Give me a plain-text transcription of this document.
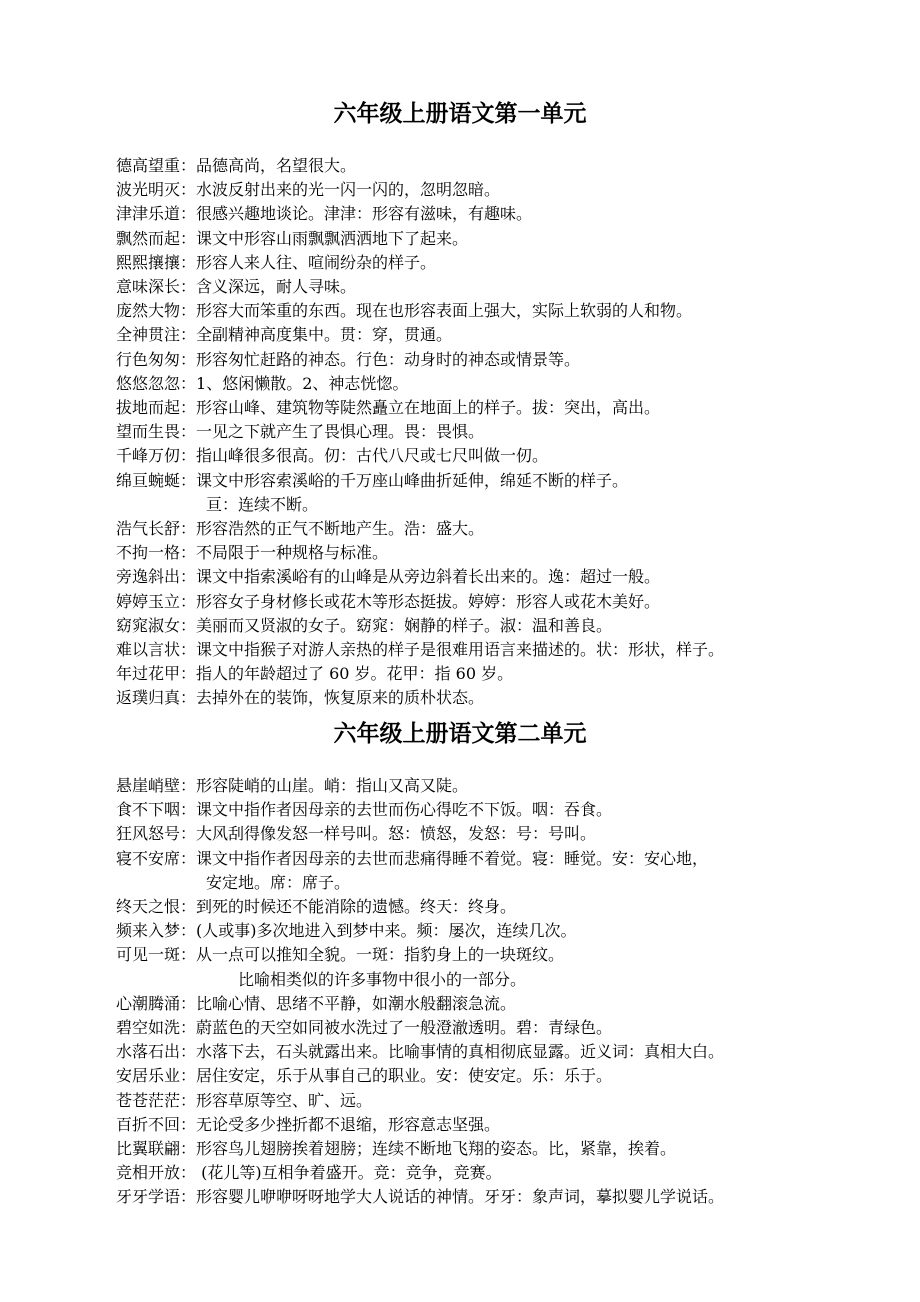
六年级上册语文第一单元
德高望重：品德高尚，名望很大。
波光明灭：水波反射出来的光一闪一闪的，忽明忽暗。
津津乐道：很感兴趣地谈论。津津：形容有滋味，有趣味。
飘然而起：课文中形容山雨飘飘洒洒地下了起来。
熙熙攘攘：形容人来人往、喧闹纷杂的样子。
意味深长：含义深远，耐人寻味。
庞然大物：形容大而笨重的东西。现在也形容表面上强大，实际上软弱的人和物。
全神贯注：全副精神高度集中。贯：穿，贯通。
行色匆匆：形容匆忙赶路的神态。行色：动身时的神态或情景等。
悠悠忽忽：1、悠闲懒散。2、神志恍惚。
拔地而起：形容山峰、建筑物等陡然矗立在地面上的样子。拔：突出，高出。
望而生畏：一见之下就产生了畏惧心理。畏：畏惧。
千峰万仞：指山峰很多很高。仞：古代八尺或七尺叫做一仞。
绵亘蜿蜒：课文中形容索溪峪的千万座山峰曲折延伸，绵延不断的样子。
亘：连续不断。
浩气长舒：形容浩然的正气不断地产生。浩：盛大。
不拘一格：不局限于一种规格与标准。
旁逸斜出：课文中指索溪峪有的山峰是从旁边斜着长出来的。逸：超过一般。
婷婷玉立：形容女子身材修长或花木等形态挺拔。婷婷：形容人或花木美好。
窈窕淑女：美丽而又贤淑的女子。窈窕：娴静的样子。淑：温和善良。
难以言状：课文中指猴子对游人亲热的样子是很难用语言来描述的。状：形状，样子。
年过花甲：指人的年龄超过了 60 岁。花甲：指 60 岁。
返璞归真：去掉外在的装饰，恢复原来的质朴状态。
六年级上册语文第二单元
悬崖峭壁：形容陡峭的山崖。峭：指山又高又陡。
食不下咽：课文中指作者因母亲的去世而伤心得吃不下饭。咽：吞食。
狂风怒号：大风刮得像发怒一样号叫。怒：愤怒，发怒：号：号叫。
寝不安席：课文中指作者因母亲的去世而悲痛得睡不着觉。寝：睡觉。安：安心地，
安定地。席：席子。
终天之恨：到死的时候还不能消除的遗憾。终天：终身。
频来入梦：(人或事)多次地进入到梦中来。频：屡次，连续几次。
可见一斑：从一点可以推知全貌。一斑：指豹身上的一块斑纹。
比喻相类似的许多事物中很小的一部分。
心潮腾涌：比喻心情、思绪不平静，如潮水般翻滚急流。
碧空如洗：蔚蓝色的天空如同被水洗过了一般澄澈透明。碧：青绿色。
水落石出：水落下去，石头就露出来。比喻事情的真相彻底显露。近义词：真相大白。
安居乐业：居住安定，乐于从事自己的职业。安：使安定。乐：乐于。
苍苍茫茫：形容草原等空、旷、远。
百折不回：无论受多少挫折都不退缩，形容意志坚强。
比翼联翩：形容鸟儿翅膀挨着翅膀；连续不断地飞翔的姿态。比，紧靠，挨着。
竞相开放： (花儿等)互相争着盛开。竞：竞争，竞赛。
牙牙学语：形容婴儿咿咿呀呀地学大人说话的神情。牙牙：象声词，摹拟婴儿学说话。
